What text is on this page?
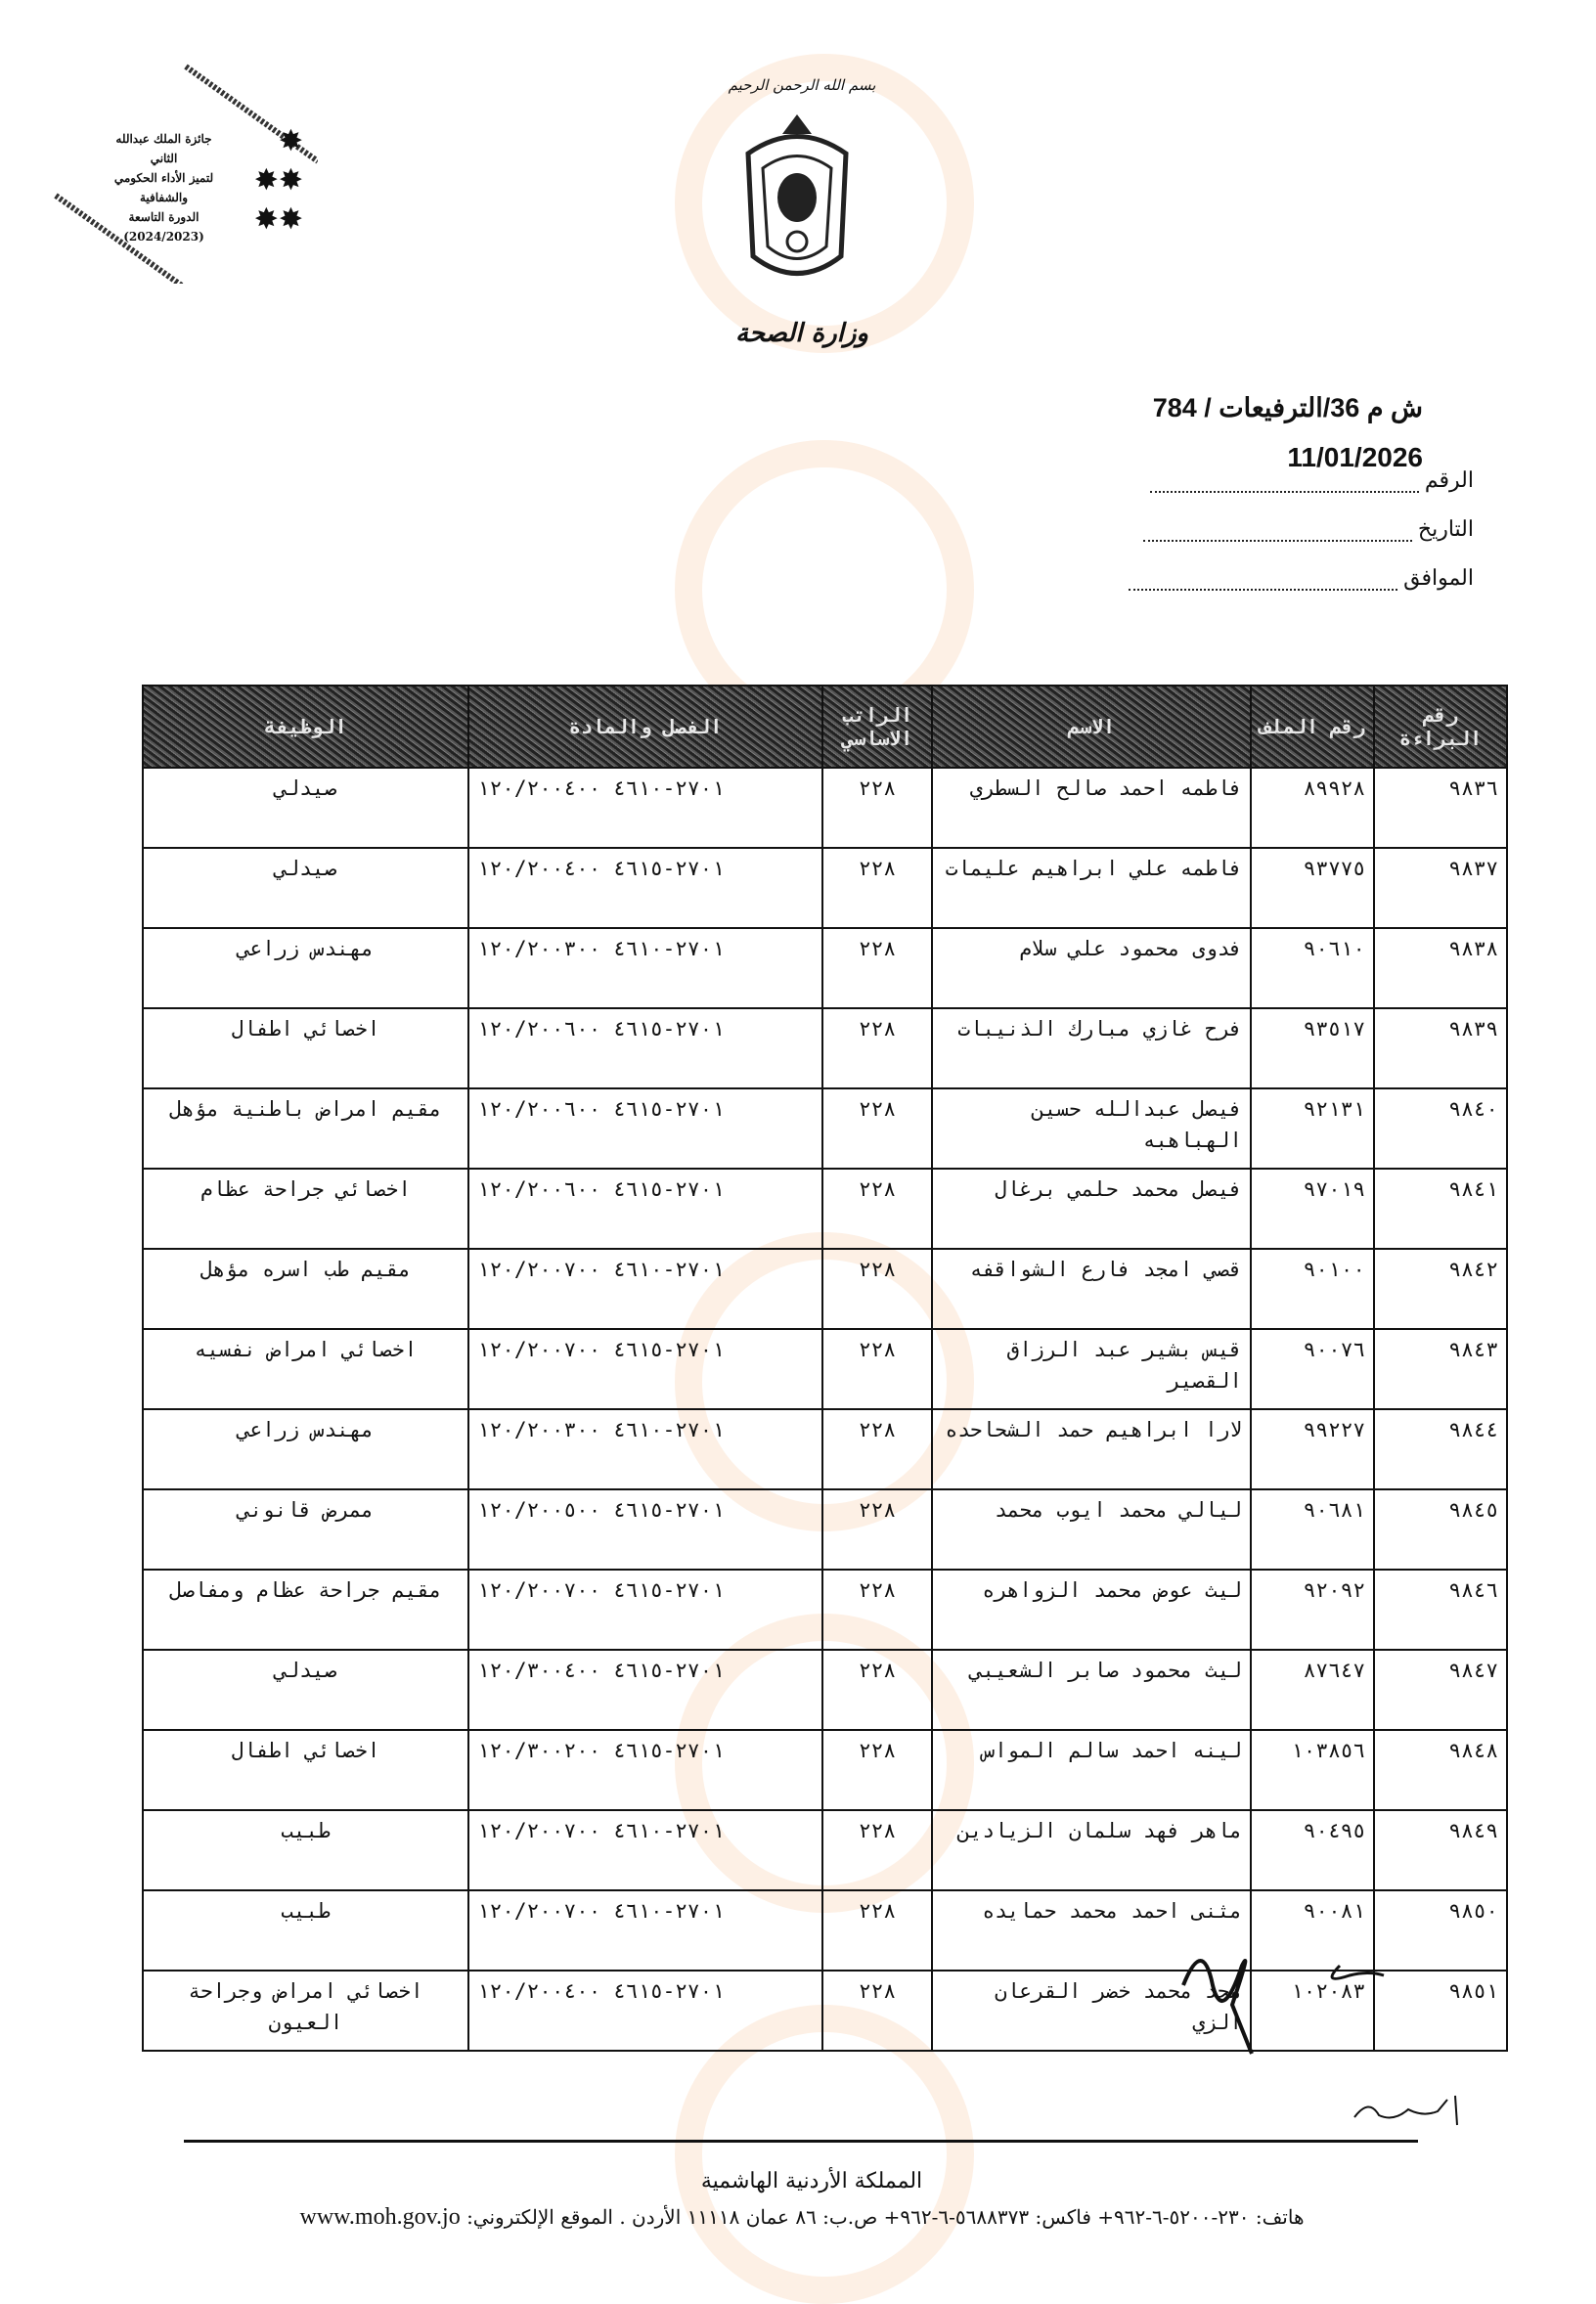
✸
✸✸
✸✸
جائزة الملك عبدالله الثاني
لتميز الأداء الحكومي والشفافية
الدورة التاسعة
(2024/2023)
بسم الله الرحمن الرحيم
وزارة الصحة
ش م 36/الترفيعات / 784
11/01/2026
الرقم
التاريخ
الموافق
رقم البراءة	رقم الملف	الاسم	الراتب الاساسي	الفصل والمادة	الوظيفة
٩٨٣٦	٨٩٩٢٨	فاطمه احمد صالح السطري	٢٢٨	١٢٠/٢٠٠٤٠٠ ٤٦١٠-٢٧٠١	صيدلي
٩٨٣٧	٩٣٧٧٥	فاطمه علي ابراهيم عليمات	٢٢٨	١٢٠/٢٠٠٤٠٠ ٤٦١٥-٢٧٠١	صيدلي
٩٨٣٨	٩٠٦١٠	فدوى محمود علي سلام	٢٢٨	١٢٠/٢٠٠٣٠٠ ٤٦١٠-٢٧٠١	مهندس زراعي
٩٨٣٩	٩٣٥١٧	فرح غازي مبارك الذنيبات	٢٢٨	١٢٠/٢٠٠٦٠٠ ٤٦١٥-٢٧٠١	اخصائي اطفال
٩٨٤٠	٩٢١٣١	فيصل عبدالله حسين الهباهبه	٢٢٨	١٢٠/٢٠٠٦٠٠ ٤٦١٥-٢٧٠١	مقيم امراض باطنية مؤهل
٩٨٤١	٩٧٠١٩	فيصل محمد حلمي برغال	٢٢٨	١٢٠/٢٠٠٦٠٠ ٤٦١٥-٢٧٠١	اخصائي جراحة عظام
٩٨٤٢	٩٠١٠٠	قصي امجد فارع الشواقفه	٢٢٨	١٢٠/٢٠٠٧٠٠ ٤٦١٠-٢٧٠١	مقيم طب اسره مؤهل
٩٨٤٣	٩٠٠٧٦	قيس بشير عبد الرزاق القصير	٢٢٨	١٢٠/٢٠٠٧٠٠ ٤٦١٥-٢٧٠١	اخصائي امراض نفسيه
٩٨٤٤	٩٩٢٢٧	لارا ابراهيم حمد الشحاحده	٢٢٨	١٢٠/٢٠٠٣٠٠ ٤٦١٠-٢٧٠١	مهندس زراعي
٩٨٤٥	٩٠٦٨١	ليالي محمد ايوب محمد	٢٢٨	١٢٠/٢٠٠٥٠٠ ٤٦١٥-٢٧٠١	ممرض قانوني
٩٨٤٦	٩٢٠٩٢	ليث عوض محمد الزواهره	٢٢٨	١٢٠/٢٠٠٧٠٠ ٤٦١٥-٢٧٠١	مقيم جراحة عظام ومفاصل
٩٨٤٧	٨٧٦٤٧	ليث محمود صابر الشعيبي	٢٢٨	١٢٠/٣٠٠٤٠٠ ٤٦١٥-٢٧٠١	صيدلي
٩٨٤٨	١٠٣٨٥٦	لينه احمد سالم المواس	٢٢٨	١٢٠/٣٠٠٢٠٠ ٤٦١٥-٢٧٠١	اخصائي اطفال
٩٨٤٩	٩٠٤٩٥	ماهر فهد سلمان الزيادين	٢٢٨	١٢٠/٢٠٠٧٠٠ ٤٦١٠-٢٧٠١	طبيب
٩٨٥٠	٩٠٠٨١	مثنى احمد محمد حمايده	٢٢٨	١٢٠/٢٠٠٧٠٠ ٤٦١٠-٢٧٠١	طبيب
٩٨٥١	١٠٢٠٨٣	مجد محمد خضر القرعان الزي	٢٢٨	١٢٠/٢٠٠٤٠٠ ٤٦١٥-٢٧٠١	اخصائي امراض وجراحة العيون
المملكة الأردنية الهاشمية
هاتف: ٢٣٠-٥٢٠٠-٦-٩٦٢+ فاكس: ٥٦٨٨٣٧٣-٦-٩٦٢+ ص.ب: ٨٦ عمان ١١١١٨ الأردن . الموقع الإلكتروني: www.moh.gov.jo
